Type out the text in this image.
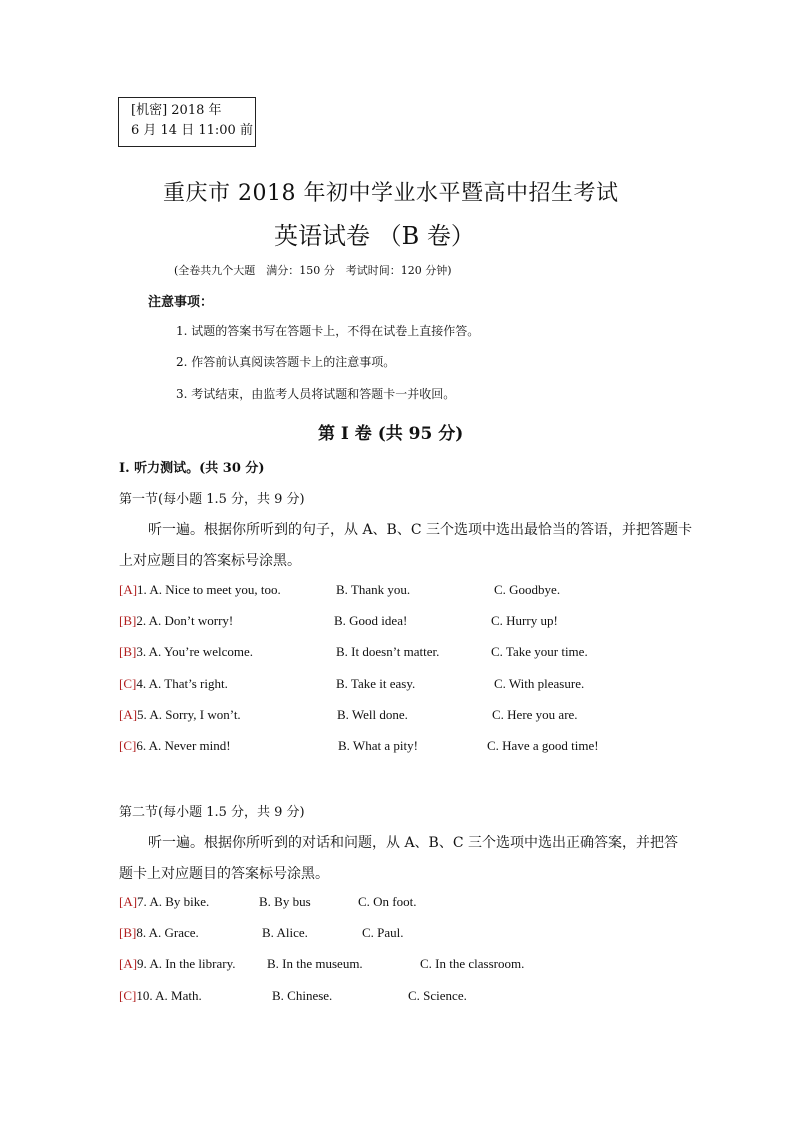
[机密] 2018 年
6 月 14 日 11:00 前
重庆市 2018 年初中学业水平暨高中招生考试
英语试卷 （B 卷）
(全卷共九个大题　满分：150 分　考试时间：120 分钟)
注意事项：
1. 试题的答案书写在答题卡上，不得在试卷上直接作答。
2. 作答前认真阅读答题卡上的注意事项。
3. 考试结束，由监考人员将试题和答题卡一并收回。
第 I 卷 (共 95 分)
I. 听力测试。(共 30 分)
第一节(每小题 1.5 分，共 9 分)
听一遍。根据你所听到的句子，从 A、B、C 三个选项中选出最恰当的答语，并把答题卡
上对应题目的答案标号涂黑。
[A]1. A. Nice to meet you, too.	B. Thank you.	C. Goodbye.
[B]2. A. Don’t worry!	B. Good idea!	C. Hurry up!
[B]3. A. You’re welcome.	B. It doesn’t matter.	C. Take your time.
[C]4. A. That’s right.	B. Take it easy.	C. With pleasure.
[A]5. A. Sorry, I won’t.	B. Well done.	C. Here you are.
[C]6. A. Never mind!	B. What a pity!	C. Have a good time!
第二节(每小题 1.5 分，共 9 分)
听一遍。根据你所听到的对话和问题，从 A、B、C 三个选项中选出正确答案，并把答
题卡上对应题目的答案标号涂黑。
[A]7. A. By bike.	B. By bus	C. On foot.
[B]8. A. Grace.	B. Alice.	C. Paul.
[A]9. A. In the library. B. In the museum.	C. In the classroom.
[C]10. A. Math.	B. Chinese.	C. Science.
